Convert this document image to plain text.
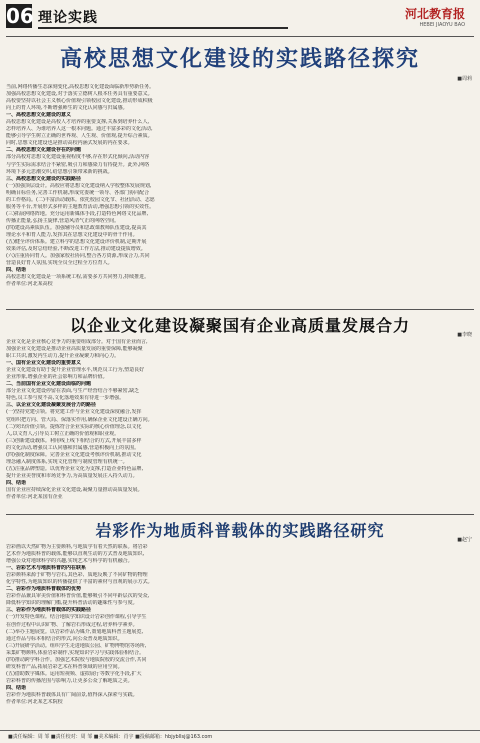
06 理论实践	河北教育报
HEBEI JIAOYU BAO
高校思想文化建设的实践路径探究
■周莉
当前,网络传播生态深刻变化,高校思想文化建设面临新形势新任务。
加强高校思想文化建设,对于落实立德树人根本任务具有重要意义。
高校要坚持以社会主义核心价值观引领校园文化建设,推动形成积极
向上的育人环境,不断增强师生的文化认同感与归属感。
一、高校思想文化建设的意义
高校思想文化建设是高校人才培养的重要支撑,关系到培养什么人、
怎样培养人、为谁培养人这一根本问题。通过丰富多彩的文化活动,
能够引导学生树立正确的世界观、人生观、价值观,提升综合素质。
同时,思想文化建设也是推动高校内涵式发展的内在要求。
二、高校思想文化建设存在的问题
部分高校对思想文化建设重视程度不够,存在形式化倾向,活动内容
与学生实际需求结合不紧密,吸引力和感染力有待提升。此外,网络
环境下多元思潮交织,给思想引领带来新的挑战。
三、高校思想文化建设的实践路径
(一)加强顶层设计。高校应将思想文化建设纳入学校整体发展规划,
明确目标任务,完善工作机制,形成党委统一领导、各部门协同配合
的工作格局。(二)丰富活动载体。依托校园文化节、社团活动、志愿
服务等平台,开展形式多样的主题教育活动,增强思想引领的实效性。
(三)拓展网络阵地。充分运用新媒体手段,打造特色网络文化品牌,
传播正能量,弘扬主旋律,营造风清气正的网络空间。
(四)建设高素质队伍。加强辅导员和思政课教师队伍建设,提高其
理论水平和育人能力,发挥其在思想文化建设中的骨干作用。
(五)健全评价体系。建立科学的思想文化建设评价机制,定期开展
效果评估,及时总结经验,不断改进工作方法,推动建设提质增效。
(六)注重协同育人。加强家校社协同,整合各方资源,形成合力,共同
营造良好育人氛围,实现全员全过程全方位育人。
四、结语
高校思想文化建设是一项系统工程,需要多方共同努力,持续推进。
作者单位:河北某高校
以企业文化建设凝聚国有企业高质量发展合力	■李晓
企业文化是企业核心竞争力的重要组成部分。对于国有企业而言,
加强企业文化建设是推动企业高质量发展的重要保障,能够凝聚
职工共识,激发内生动力,提升企业凝聚力和向心力。
一、国有企业文化建设的重要意义
企业文化建设有助于提升企业管理水平,规范员工行为,塑造良好
企业形象,增强企业的社会影响力和品牌价值。
二、当前国有企业文化建设面临的问题
部分企业文化建设停留在表面,与生产经营结合不够紧密,缺乏
特色,员工参与度不高,文化落地效果有待进一步增强。
三、以企业文化建设凝聚发展合力的路径
(一)坚持党建引领。将党建工作与企业文化建设深度融合,发挥
党组织把方向、管大局、保落实作用,确保企业文化建设正确方向。
(二)突出价值引领。提炼符合企业实际的核心价值理念,以文化
人,以文育人,引导员工树立正确的价值观和职业观。
(三)创新建设载体。利用线上线下相结合的方式,开展丰富多样
的文化活动,增强员工认同感和归属感,营造积极向上的氛围。
(四)强化制度保障。完善企业文化建设考核评价机制,推动文化
理念融入制度体系,实现文化管理与制度管理有机统一。
(五)注重品牌塑造。以优秀企业文化为支撑,打造企业特色品牌,
提升企业美誉度和市场竞争力,为高质量发展注入持久动力。
四、结语
国有企业应持续深化企业文化建设,凝聚力量推动高质量发展。
作者单位:河北某国有企业
岩彩作为地质科普载体的实践路径研究	■赵宁
岩彩画以天然矿物为主要颜料,与地质学有着天然的联系。将岩彩
艺术作为地质科普的载体,能够以直观生动的方式普及地质知识,
增强公众对地球科学的兴趣,实现艺术与科学的有机融合。
一、岩彩艺术与地质科普的内在联系
岩彩颜料来源于矿物与岩石,其色彩、质地反映了不同矿物的物理
化学特性,为地质知识的传播提供了丰富的素材与直观的展示方式。
二、岩彩作为地质科普载体的优势
岩彩作品兼具审美价值和科普价值,能够吸引不同年龄层次的受众,
降低科学知识的理解门槛,提升科普活动的趣味性与参与度。
三、岩彩作为地质科普载体的实践路径
(一)开发特色课程。结合地质学知识设计岩彩创作课程,引导学生
在创作过程中认识矿物、了解岩石形成过程,培养科学素养。
(二)举办主题展览。以岩彩作品为媒介,策划地质科普主题展览,
通过作品与标本相结合的形式,向公众普及地质知识。
(三)开展研学活动。组织学生走进地质公园、矿物博物馆等场所,
采集矿物颜料,体验岩彩制作,实现知识学习与实践体验相结合。
(四)推动跨学科合作。加强艺术院校与地质院校的交流合作,共同
研发科普产品,拓展岩彩艺术在科普领域的应用空间。
(五)借助数字媒体。运用短视频、虚拟展厅等数字化手段,扩大
岩彩科普的传播范围与影响力,让更多公众了解地质之美。
四、结语
岩彩作为地质科普载体具有广阔前景,值得深入探索与实践。
作者单位:河北某艺术院校
■责任编辑：周 邹 ■责任校对：周 邹 ■美术编辑：肖宇 ■投稿邮箱：hbjybllsj@163.com
